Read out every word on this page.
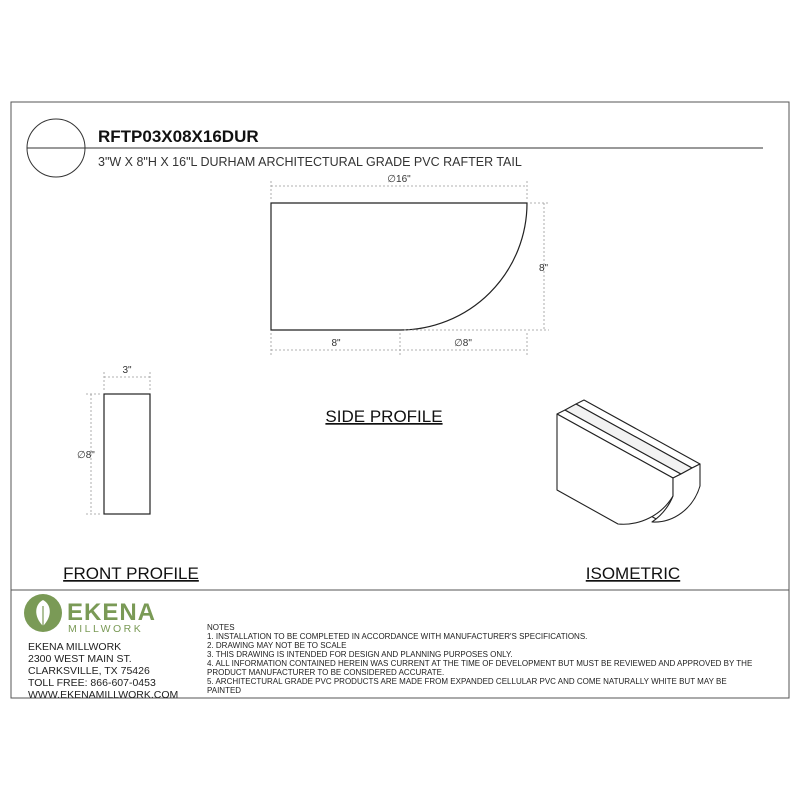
RFTP03X08X16DUR
3"W X 8"H X 16"L DURHAM ARCHITECTURAL GRADE PVC RAFTER TAIL
∅16"
8"
8"	∅8"
SIDE PROFILE
3"
∅8"
FRONT PROFILE	ISOMETRIC
EKENA
MILLWORK
EKENA MILLWORK
2300 WEST MAIN ST.
CLARKSVILLE, TX 75426
TOLL FREE: 866-607-0453
WWW.EKENAMILLWORK.COM
NOTES
1. INSTALLATION TO BE COMPLETED IN ACCORDANCE WITH MANUFACTURER'S SPECIFICATIONS.
2. DRAWING MAY NOT BE TO SCALE
3. THIS DRAWING IS INTENDED FOR DESIGN AND PLANNING PURPOSES ONLY.
4. ALL INFORMATION CONTAINED HEREIN WAS CURRENT AT THE TIME OF DEVELOPMENT BUT MUST BE REVIEWED AND APPROVED BY THE
PRODUCT MANUFACTURER TO BE CONSIDERED ACCURATE.
5. ARCHITECTURAL GRADE PVC PRODUCTS ARE MADE FROM EXPANDED CELLULAR PVC AND COME NATURALLY WHITE BUT MAY BE
PAINTED
